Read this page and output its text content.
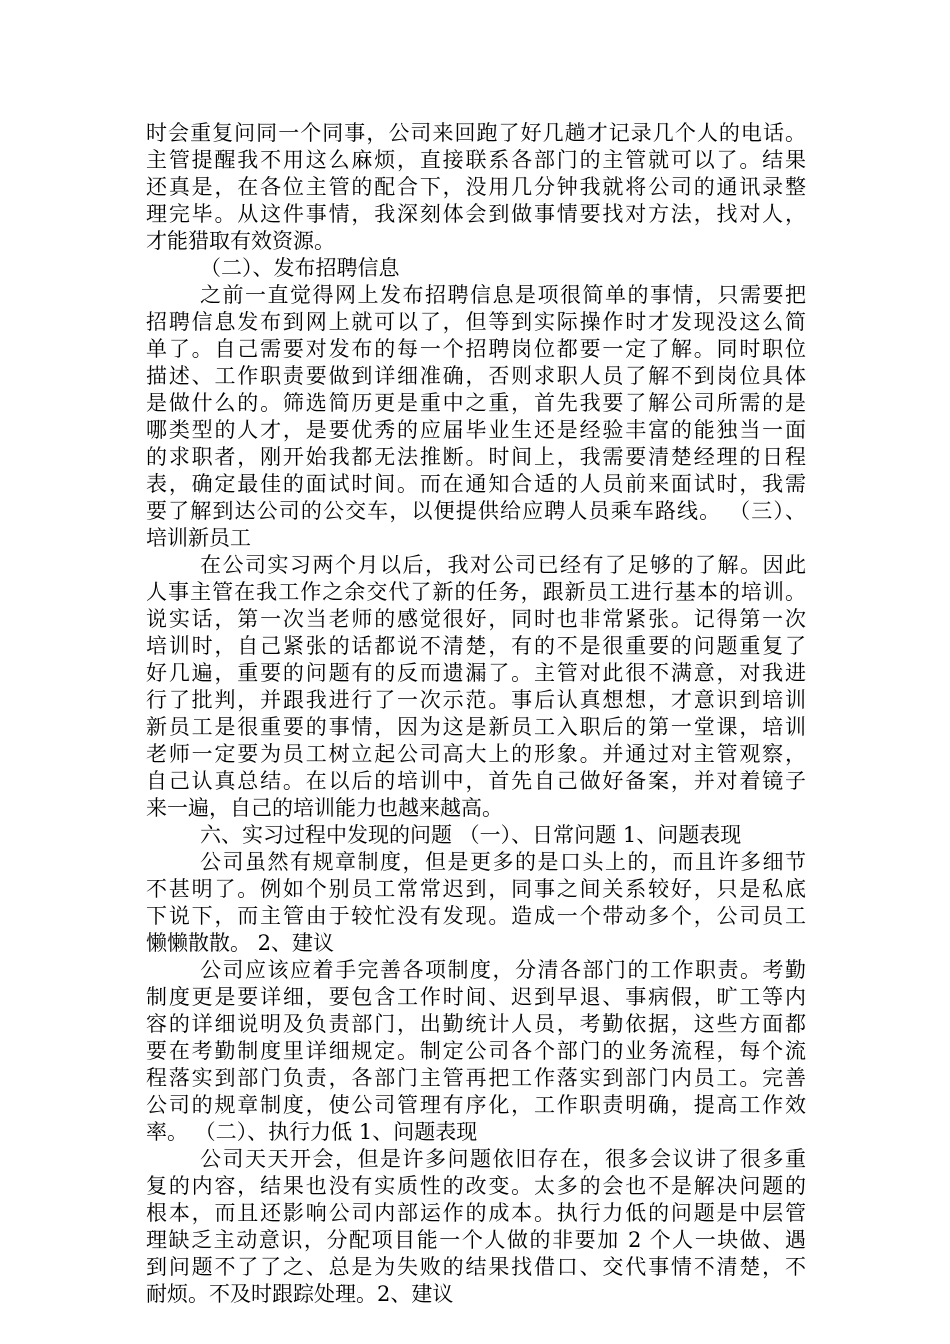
时会重复问同一个同事，公司来回跑了好几趟才记录几个人的电话。
主管提醒我不用这么麻烦，直接联系各部门的主管就可以了。结果
还真是，在各位主管的配合下，没用几分钟我就将公司的通讯录整
理完毕。从这件事情，我深刻体会到做事情要找对方法，找对人，
才能猎取有效资源。
（二）、发布招聘信息
之前一直觉得网上发布招聘信息是项很简单的事情，只需要把
招聘信息发布到网上就可以了，但等到实际操作时才发现没这么简
单了。自己需要对发布的每一个招聘岗位都要一定了解。同时职位
描述、工作职责要做到详细准确，否则求职人员了解不到岗位具体
是做什么的。筛选简历更是重中之重，首先我要了解公司所需的是
哪类型的人才，是要优秀的应届毕业生还是经验丰富的能独当一面
的求职者，刚开始我都无法推断。时间上，我需要清楚经理的日程
表，确定最佳的面试时间。而在通知合适的人员前来面试时，我需
要了解到达公司的公交车，以便提供给应聘人员乘车路线。 （三）、
培训新员工
在公司实习两个月以后，我对公司已经有了足够的了解。因此
人事主管在我工作之余交代了新的任务，跟新员工进行基本的培训。
说实话，第一次当老师的感觉很好，同时也非常紧张。记得第一次
培训时，自己紧张的话都说不清楚，有的不是很重要的问题重复了
好几遍，重要的问题有的反而遗漏了。主管对此很不满意，对我进
行了批判，并跟我进行了一次示范。事后认真想想，才意识到培训
新员工是很重要的事情，因为这是新员工入职后的第一堂课，培训
老师一定要为员工树立起公司高大上的形象。并通过对主管观察，
自己认真总结。在以后的培训中，首先自己做好备案，并对着镜子
来一遍，自己的培训能力也越来越高。
六、实习过程中发现的问题 （一）、日常问题 1、问题表现
公司虽然有规章制度，但是更多的是口头上的，而且许多细节
不甚明了。例如个别员工常常迟到，同事之间关系较好，只是私底
下说下，而主管由于较忙没有发现。造成一个带动多个，公司员工
懒懒散散。 2、建议
公司应该应着手完善各项制度，分清各部门的工作职责。考勤
制度更是要详细，要包含工作时间、迟到早退、事病假，旷工等内
容的详细说明及负责部门，出勤统计人员，考勤依据，这些方面都
要在考勤制度里详细规定。制定公司各个部门的业务流程，每个流
程落实到部门负责，各部门主管再把工作落实到部门内员工。完善
公司的规章制度，使公司管理有序化，工作职责明确，提高工作效
率。 （二）、执行力低 1、问题表现
公司天天开会，但是许多问题依旧存在，很多会议讲了很多重
复的内容，结果也没有实质性的改变。太多的会也不是解决问题的
根本，而且还影响公司内部运作的成本。执行力低的问题是中层管
理缺乏主动意识，分配项目能一个人做的非要加 2 个人一块做、遇
到问题不了了之、总是为失败的结果找借口、交代事情不清楚，不
耐烦。不及时跟踪处理。2、建议
